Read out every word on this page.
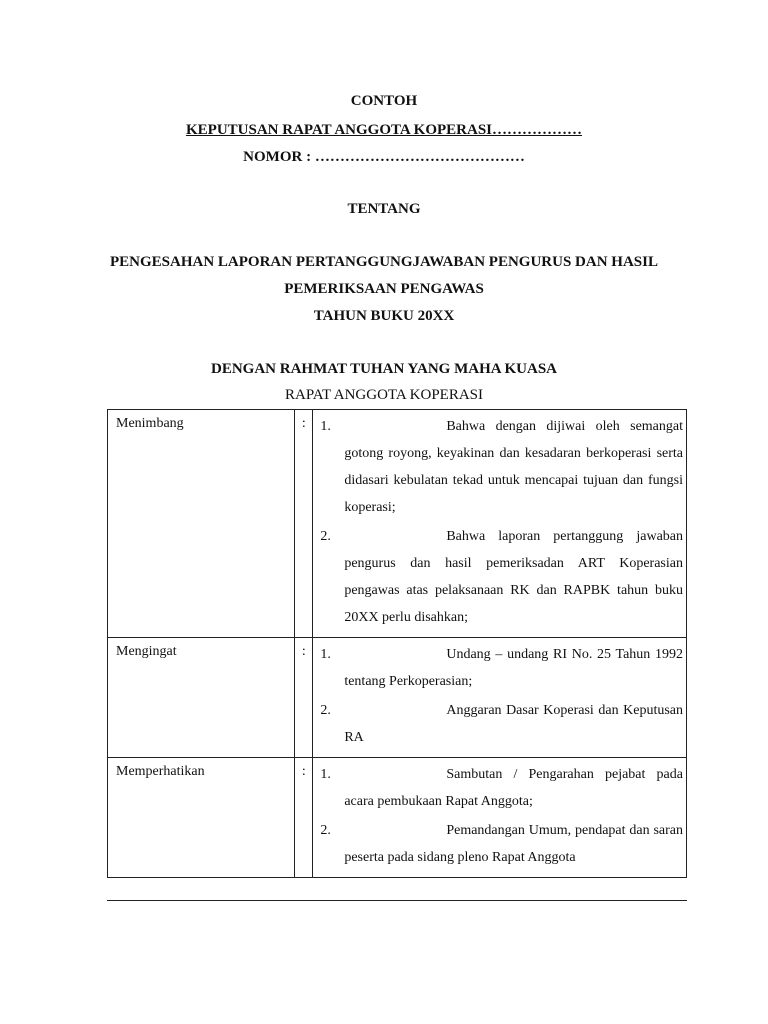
CONTOH
KEPUTUSAN RAPAT ANGGOTA KOPERASI………………
NOMOR : ……………………………………
TENTANG
PENGESAHAN LAPORAN PERTANGGUNGJAWABAN PENGURUS DAN HASIL
PEMERIKSAAN PENGAWAS
TAHUN BUKU 20XX
DENGAN RAHMAT TUHAN YANG MAHA KUASA
RAPAT ANGGOTA KOPERASI
Menimbang	:	1. Bahwa dengan dijiwai oleh semangat gotong royong, keyakinan dan kesadaran berkoperasi serta didasari kebulatan tekad untuk mencapai tujuan dan fungsi koperasi;

2. Bahwa laporan pertanggung jawaban pengurus dan hasil pemeriksadan ART Koperasian pengawas atas pelaksanaan RK dan RAPBK tahun buku 20XX perlu disahkan;

Mengingat	:	1. Undang – undang RI No. 25 Tahun 1992 tentang Perkoperasian;

2. Anggaran Dasar Koperasi dan Keputusan RA

Memperhatikan	:	1. Sambutan / Pengarahan pejabat pada acara pembukaan Rapat Anggota;

2. Pemandangan Umum, pendapat dan saran peserta pada sidang pleno Rapat Anggota
